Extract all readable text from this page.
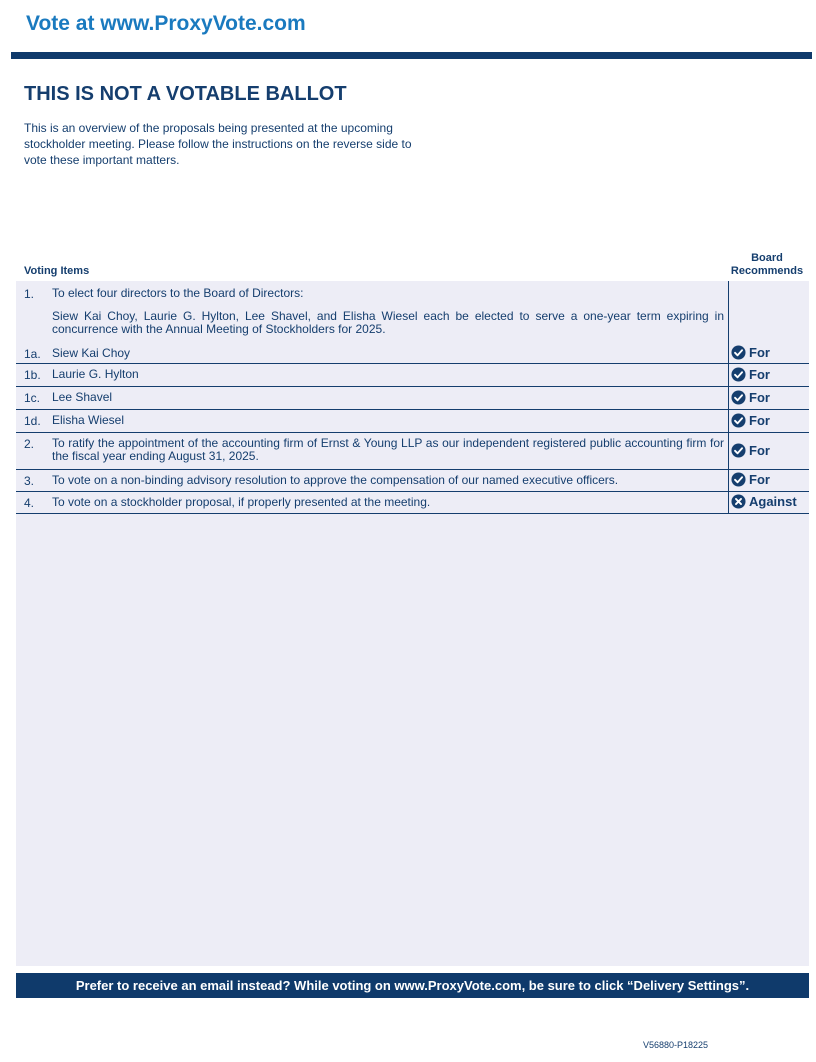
Vote at www.ProxyVote.com
THIS IS NOT A VOTABLE BALLOT

This is an overview of the proposals being presented at the upcoming stockholder meeting. Please follow the instructions on the reverse side to vote these important matters.

Voting Items
Board
Recommends
1. To elect four directors to the Board of Directors:
Siew Kai Choy, Laurie G. Hylton, Lee Shavel, and Elisha Wiesel each be elected to serve a one-year term expiring in concurrence with the Annual Meeting of Stockholders for 2025.
1a. Siew Kai Choy	For
1b. Laurie G. Hylton	For
1c. Lee Shavel	For
1d. Elisha Wiesel	For
2. To ratify the appointment of the accounting firm of Ernst & Young LLP as our independent registered public accounting firm for the fiscal year ending August 31, 2025.	For
3. To vote on a non-binding advisory resolution to approve the compensation of our named executive officers.	For
4. To vote on a stockholder proposal, if properly presented at the meeting.	Against
Prefer to receive an email instead? While voting on www.ProxyVote.com, be sure to click “Delivery Settings”.
V56880-P18225
